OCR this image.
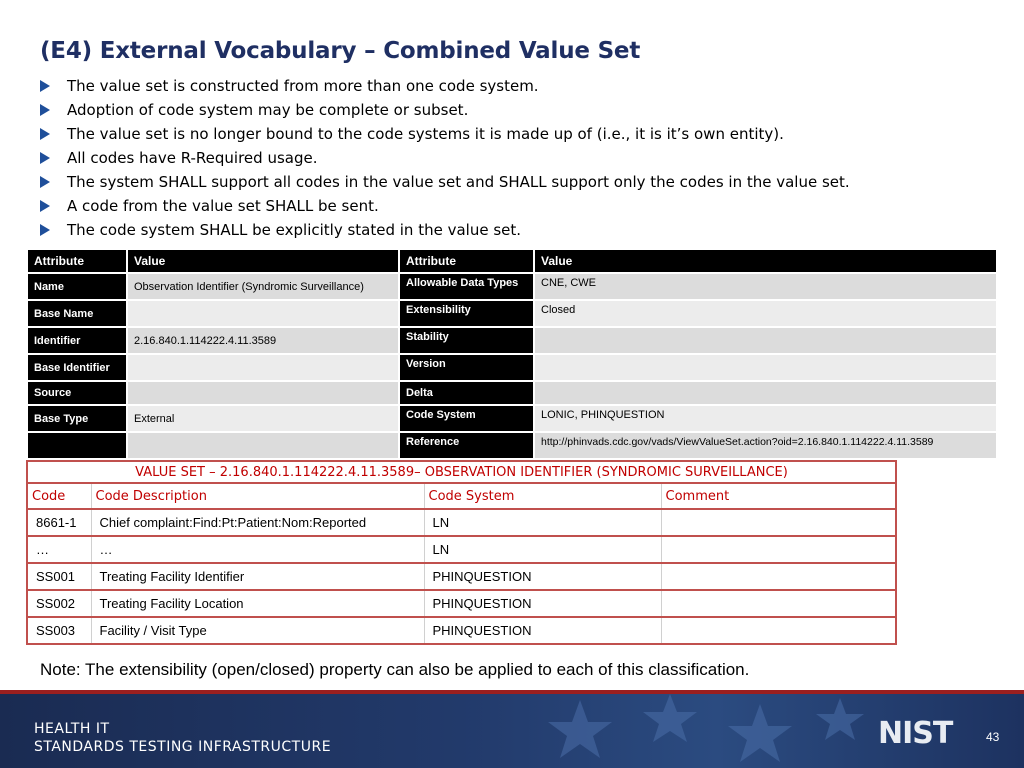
(E4) External Vocabulary – Combined Value Set
The value set is constructed from more than one code system.
Adoption of code system may be complete or subset.
The value set is no longer bound to the code systems it is made up of (i.e., it is it’s own entity).
All codes have R-Required usage.
The system SHALL support all codes in the value set and SHALL support only the codes in the value set.
A code from the value set SHALL be sent.
The code system SHALL be explicitly stated in the value set.
Attribute	Value	Attribute	Value
Name	Observation Identifier (Syndromic Surveillance)	Allowable Data Types	CNE, CWE
Base Name		Extensibility	Closed
Identifier	2.16.840.1.114222.4.11.3589	Stability	
Base Identifier		Version	
Source		Delta	
Base Type	External	Code System	LONIC, PHINQUESTION
		Reference	http://phinvads.cdc.gov/vads/ViewValueSet.action?oid=2.16.840.1.114222.4.11.3589
VALUE SET – 2.16.840.1.114222.4.11.3589– OBSERVATION IDENTIFIER (SYNDROMIC SURVEILLANCE)			
Code	Code Description	Code System	Comment
8661-1	Chief complaint:Find:Pt:Patient:Nom:Reported	LN	
…	…	LN	
SS001	Treating Facility Identifier	PHINQUESTION	
SS002	Treating Facility Location	PHINQUESTION	
SS003	Facility / Visit Type	PHINQUESTION	

Note: The extensibility (open/closed) property can also be applied to each of this classification.

HEALTH IT
STANDARDS TESTING INFRASTRUCTURE	NIST	43
